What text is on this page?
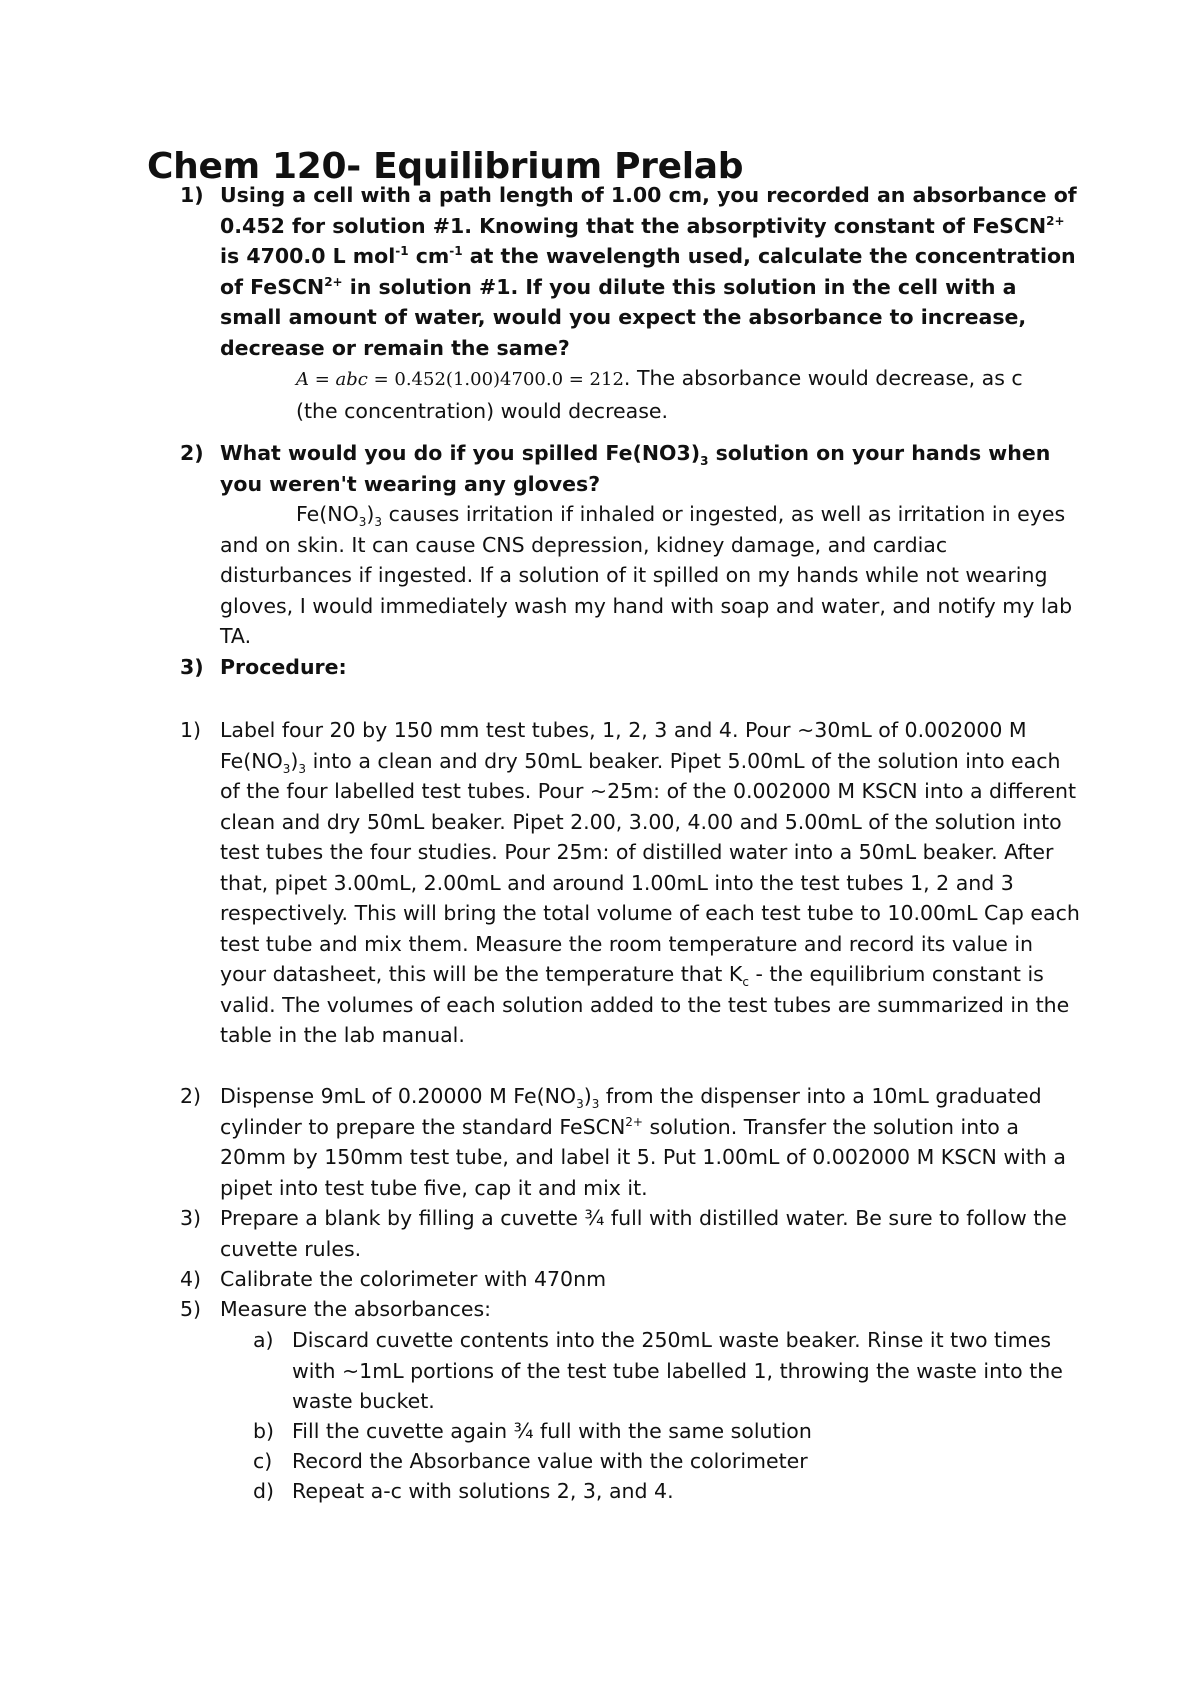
Chem 120- Equilibrium Prelab
1) Using a cell with a path length of 1.00 cm, you recorded an absorbance of 0.452 for solution #1. Knowing that the absorptivity constant of FeSCN$^{2+}$ is 4700.0 L mol$^{-1}$ $cm^{-1}$ at the wavelength used, calculate the concentration of FeSCN$^{2+}$ in solution #1. If you dilute this solution in the cell with a small amount of water, would you expect the absorbance to increase, decrease or remain the same?
A = abc = 0.452(1.00)4700.0 = 212. The absorbance would decrease, as c
(the concentration) would decrease.
2) What would you do if you spilled $Fe(NO3)_3$ solution on your hands when you weren't wearing any gloves?
$Fe(NO_3)_3$ causes irritation if inhaled or ingested, as well as irritation in eyes and on skin. It can cause CNS depression, kidney damage, and cardiac disturbances if ingested. If a solution of it spilled on my hands while not wearing gloves, I would immediately wash my hand with soap and water, and notify my lab TA.
3) Procedure:
1) Label four 20 by 150 mm test tubes, 1, 2, 3 and 4. Pour ~30mL of 0.002000 M $Fe(NO_3)_3$ into a clean and dry 50mL beaker. Pipet 5.00mL of the solution into each of the four labelled test tubes. Pour ~25m: of the 0.002000 M KSCN into a different clean and dry 50mL beaker. Pipet 2.00, 3.00, 4.00 and 5.00mL of the solution into test tubes the four studies. Pour 25m: of distilled water into a 50mL beaker. After that, pipet 3.00mL, 2.00mL and around 1.00mL into the test tubes 1, 2 and 3 respectively. This will bring the total volume of each test tube to 10.00mL Cap each test tube and mix them. Measure the room temperature and record its value in your datasheet, this will be the temperature that $K_c$ - the equilibrium constant is valid. The volumes of each solution added to the test tubes are summarized in the table in the lab manual.
2) Dispense 9mL of 0.20000 M $Fe(NO_3)_3$ from the dispenser into a 10mL graduated cylinder to prepare the standard FeSCN$^{2+}$ solution. Transfer the solution into a 20mm by 150mm test tube, and label it 5. Put 1.00mL of 0.002000 M KSCN with a pipet into test tube five, cap it and mix it.
3) Prepare a blank by filling a cuvette ¾ full with distilled water. Be sure to follow the cuvette rules.
4) Calibrate the colorimeter with 470nm
5) Measure the absorbances:
a) Discard cuvette contents into the 250mL waste beaker. Rinse it two times with ~1mL portions of the test tube labelled 1, throwing the waste into the waste bucket.
b) Fill the cuvette again ¾ full with the same solution
c) Record the Absorbance value with the colorimeter
d) Repeat a-c with solutions 2, 3, and 4.
